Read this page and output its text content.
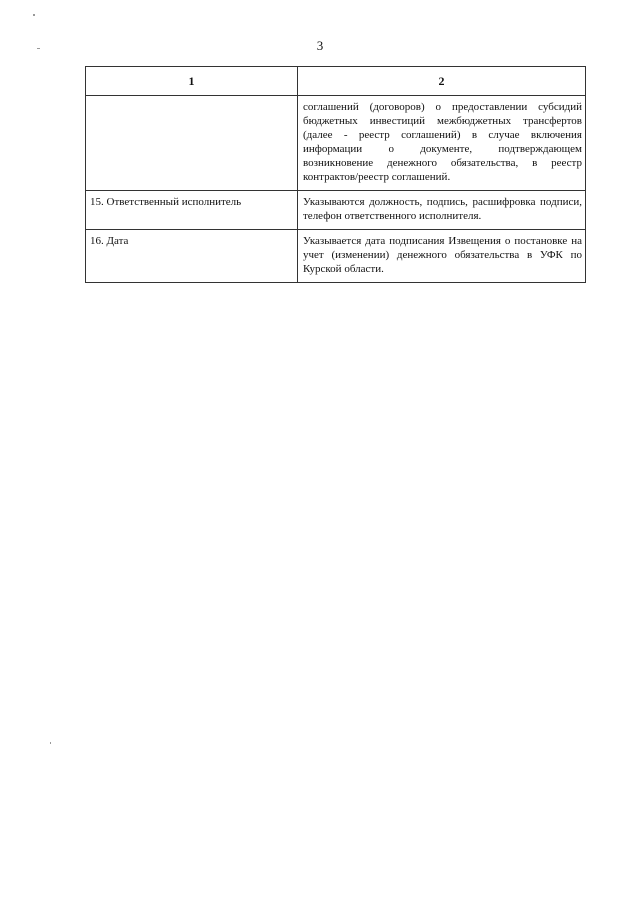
3
1	2
	соглашений (договоров) о предоставлении субсидий бюджетных инвестиций межбюджетных трансфертов (далее - реестр соглашений) в случае включения информации о документе, подтверждающем возникновение денежного обязательства, в реестр контрактов/реестр соглашений.
15. Ответственный исполнитель	Указываются должность, подпись, расшифровка подписи, телефон ответственного исполнителя.
16. Дата	Указывается дата подписания Извещения о постановке на учет (изменении) денежного обязательства в УФК по Курской области.
